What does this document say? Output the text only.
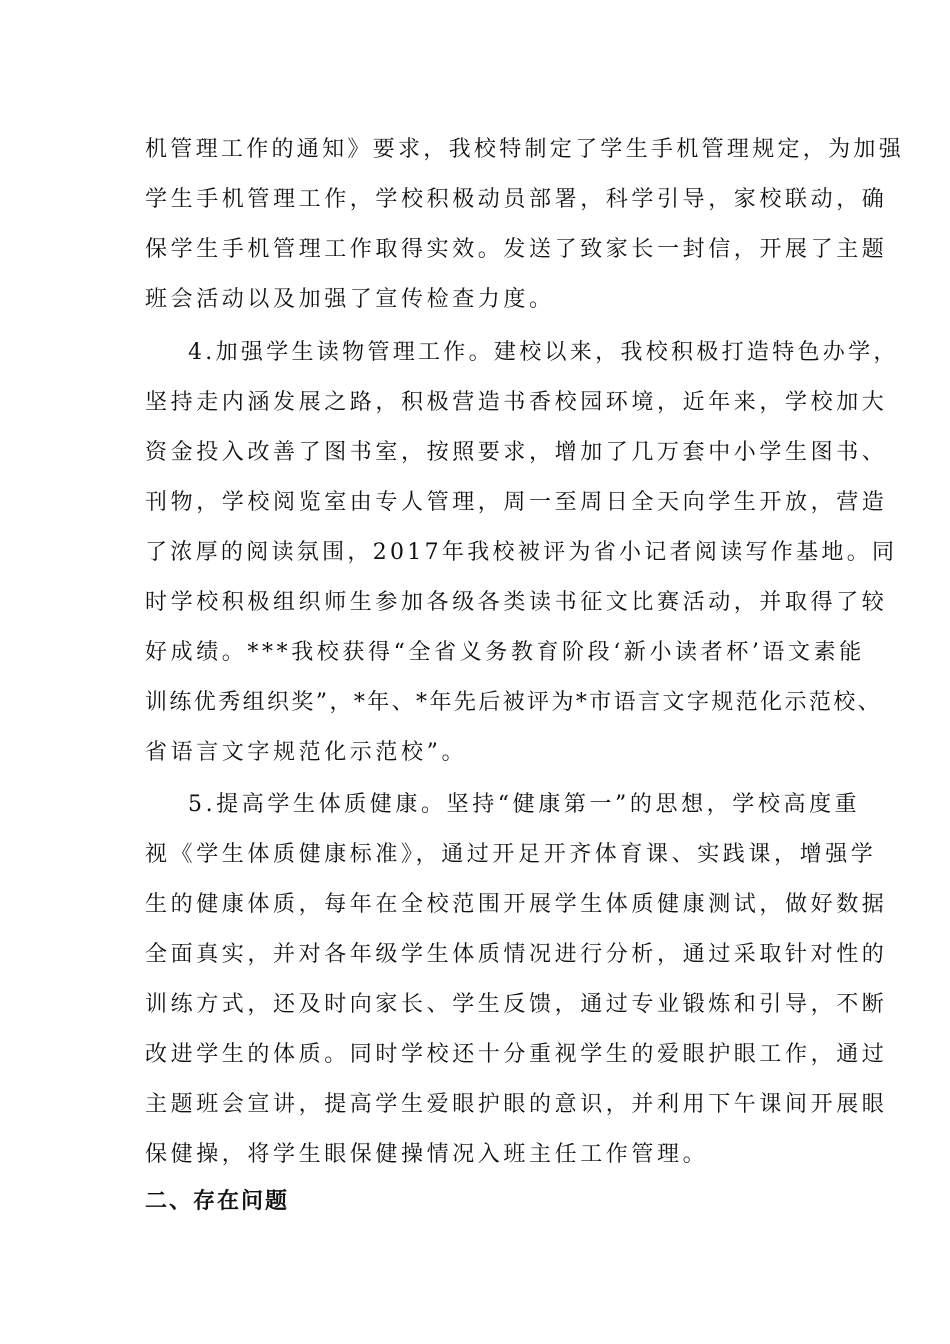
机管理工作的通知》要求，我校特制定了学生手机管理规定，为加强
学生手机管理工作，学校积极动员部署，科学引导，家校联动，确
保学生手机管理工作取得实效。发送了致家长一封信，开展了主题
班会活动以及加强了宣传检查力度。
4.加强学生读物管理工作。建校以来，我校积极打造特色办学，
坚持走内涵发展之路，积极营造书香校园环境，近年来，学校加大
资金投入改善了图书室，按照要求，增加了几万套中小学生图书、
刊物，学校阅览室由专人管理，周一至周日全天向学生开放，营造
了浓厚的阅读氛围，2017年我校被评为省小记者阅读写作基地。同
时学校积极组织师生参加各级各类读书征文比赛活动，并取得了较
好成绩。***我校获得“全省义务教育阶段‘新小读者杯’语文素能
训练优秀组织奖”，*年、*年先后被评为*市语言文字规范化示范校、
省语言文字规范化示范校”。
5.提高学生体质健康。坚持“健康第一”的思想，学校高度重
视《学生体质健康标准》，通过开足开齐体育课、实践课，增强学
生的健康体质，每年在全校范围开展学生体质健康测试，做好数据
全面真实，并对各年级学生体质情况进行分析，通过采取针对性的
训练方式，还及时向家长、学生反馈，通过专业锻炼和引导，不断
改进学生的体质。同时学校还十分重视学生的爱眼护眼工作，通过
主题班会宣讲，提高学生爱眼护眼的意识，并利用下午课间开展眼
保健操，将学生眼保健操情况入班主任工作管理。
二、存在问题
